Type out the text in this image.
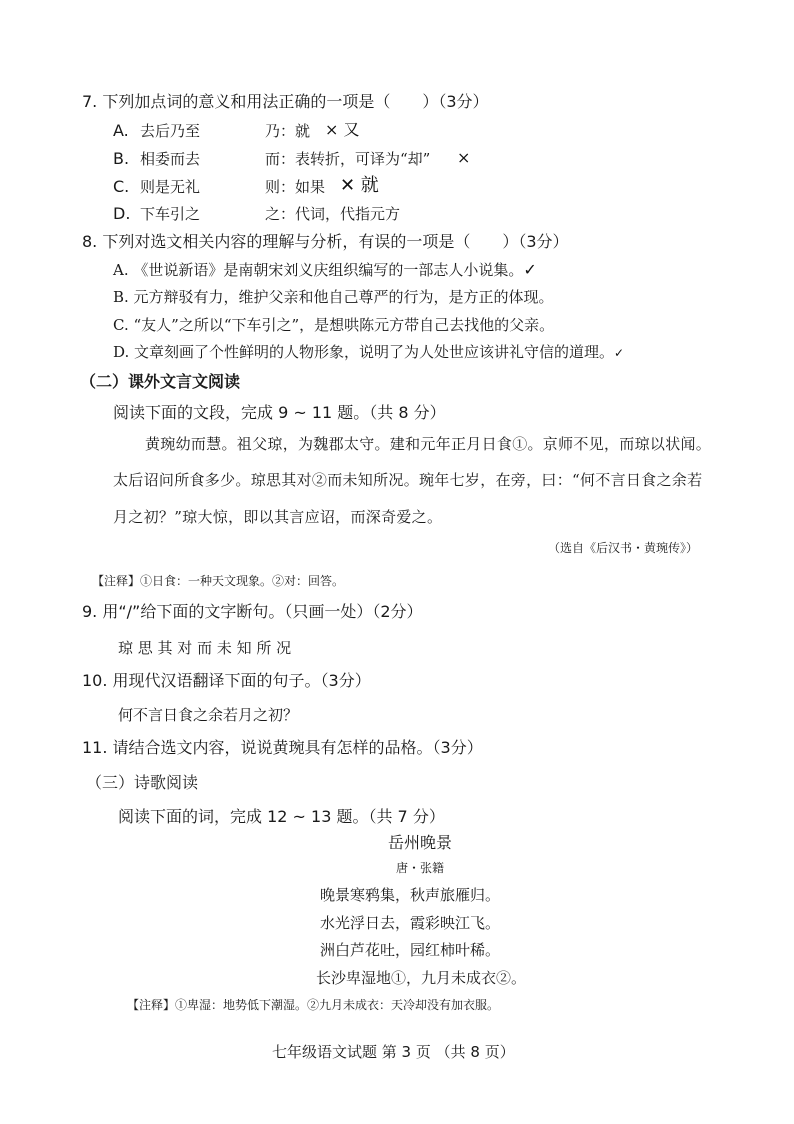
7. 下列加点词的意义和用法正确的一项是（　　）（3分）
A. 去后乃至	乃：就 × 又
B. 相委而去	而：表转折，可译为“却” ×
C. 则是无礼	则：如果 ✕ 就
D. 下车引之	之：代词，代指元方
8. 下列对选文相关内容的理解与分析，有误的一项是（　　）（3分）
A. 《世说新语》是南朝宋刘义庆组织编写的一部志人小说集。✓
B. 元方辩驳有力，维护父亲和他自己尊严的行为，是方正的体现。
C. “友人”之所以“下车引之”，是想哄陈元方带自己去找他的父亲。
D. 文章刻画了个性鲜明的人物形象，说明了为人处世应该讲礼守信的道理。✓
（二）课外文言文阅读
阅读下面的文段，完成 9 ~ 11 题。（共 8 分）
黄琬幼而慧。祖父琼，为魏郡太守。建和元年正月日食①。京师不见，而琼以状闻。
太后诏问所食多少。琼思其对②而未知所况。琬年七岁，在旁，曰：“何不言日食之余若
月之初？”琼大惊，即以其言应诏，而深奇爱之。
（选自《后汉书・黄琬传》）
【注释】①日食：一种天文现象。②对：回答。
9. 用“/”给下面的文字断句。（只画一处）（2分）
琼 思 其 对 而 未 知 所 况
10. 用现代汉语翻译下面的句子。（3分）
何不言日食之余若月之初？
11. 请结合选文内容，说说黄琬具有怎样的品格。（3分）
（三）诗歌阅读
阅读下面的词，完成 12 ~ 13 题。（共 7 分）
岳州晚景
唐・张籍
晚景寒鸦集，秋声旅雁归。
水光浮日去，霞彩映江飞。
洲白芦花吐，园红柿叶稀。
长沙卑湿地①，九月未成衣②。
【注释】①卑湿：地势低下潮湿。②九月未成衣：天冷却没有加衣服。
七年级语文试题 第 3 页 （共 8 页）
